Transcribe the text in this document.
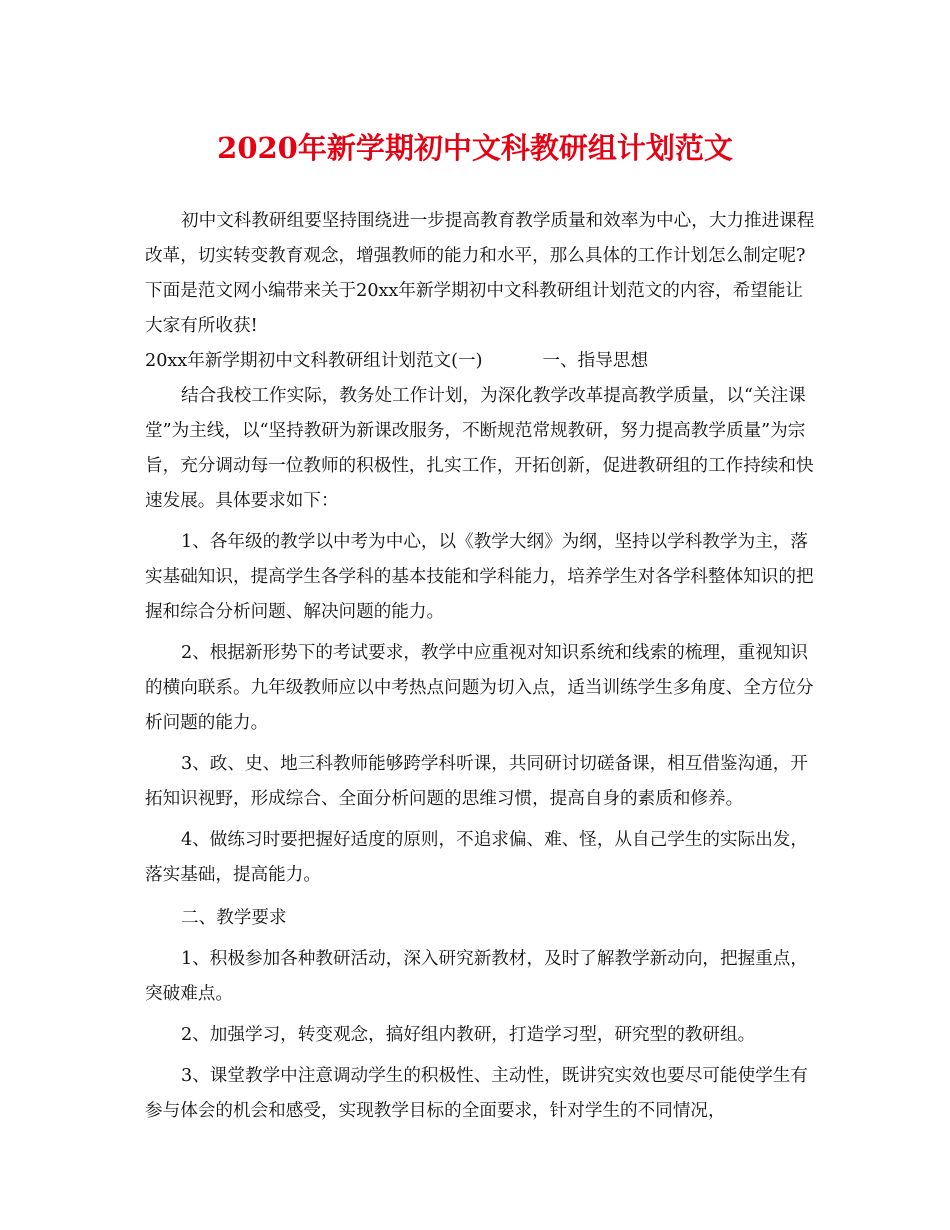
2020年新学期初中文科教研组计划范文

初中文科教研组要坚持围绕进一步提高教育教学质量和效率为中心，大力推进课程改革，切实转变教育观念，增强教师的能力和水平，那么具体的工作计划怎么制定呢?下面是范文网小编带来关于20xx年新学期初中文科教研组计划范文的内容，希望能让大家有所收获!

20xx年新学期初中文科教研组计划范文(一)	一、指导思想

结合我校工作实际，教务处工作计划，为深化教学改革提高教学质量，以“关注课堂”为主线，以“坚持教研为新课改服务，不断规范常规教研，努力提高教学质量”为宗旨，充分调动每一位教师的积极性，扎实工作，开拓创新，促进教研组的工作持续和快速发展。具体要求如下：

1、各年级的教学以中考为中心，以《教学大纲》为纲，坚持以学科教学为主，落实基础知识，提高学生各学科的基本技能和学科能力，培养学生对各学科整体知识的把握和综合分析问题、解决问题的能力。

2、根据新形势下的考试要求，教学中应重视对知识系统和线索的梳理，重视知识的横向联系。九年级教师应以中考热点问题为切入点，适当训练学生多角度、全方位分析问题的能力。

3、政、史、地三科教师能够跨学科听课，共同研讨切磋备课，相互借鉴沟通，开拓知识视野，形成综合、全面分析问题的思维习惯，提高自身的素质和修养。

4、做练习时要把握好适度的原则，不追求偏、难、怪，从自己学生的实际出发，落实基础，提高能力。

二、教学要求

1、积极参加各种教研活动，深入研究新教材，及时了解教学新动向，把握重点，突破难点。

2、加强学习，转变观念，搞好组内教研，打造学习型，研究型的教研组。

3、课堂教学中注意调动学生的积极性、主动性，既讲究实效也要尽可能使学生有参与体会的机会和感受，实现教学目标的全面要求，针对学生的不同情况，
